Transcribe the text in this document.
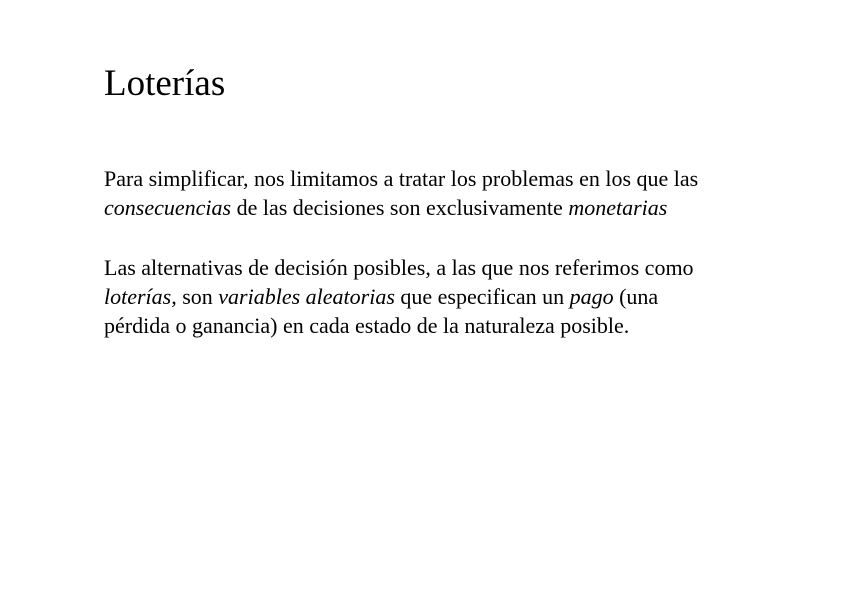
Loterías

Para simplificar, nos limitamos a tratar los problemas en los que las
consecuencias de las decisiones son exclusivamente monetarias

Las alternativas de decisión posibles, a las que nos referimos como
loterías, son variables aleatorias que especifican un pago (una
pérdida o ganancia) en cada estado de la naturaleza posible.
